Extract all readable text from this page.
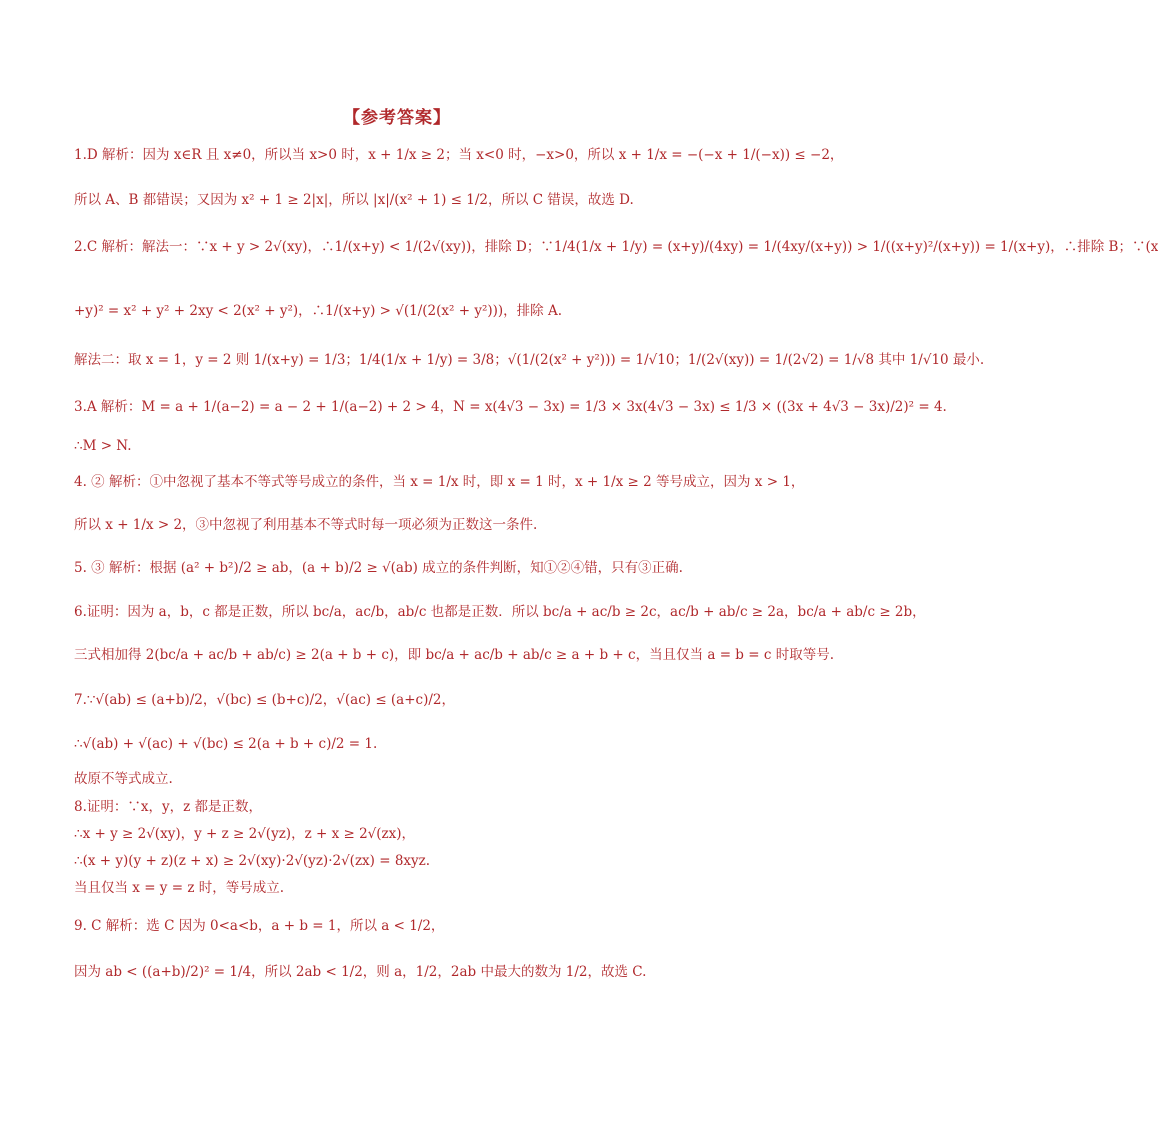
【参考答案】
1.D 解析：因为 x∈R 且 x≠0，所以当 x>0 时，x + 1/x ≥ 2；当 x<0 时，−x>0，所以 x + 1/x = −(−x + 1/(−x)) ≤ −2，
所以 A、B 都错误；又因为 x² + 1 ≥ 2|x|，所以 |x|/(x² + 1) ≤ 1/2，所以 C 错误，故选 D.
2.C 解析：解法一：∵x + y > 2√(xy)，∴1/(x+y) < 1/(2√(xy))，排除 D；∵1/4(1/x + 1/y) = (x+y)/(4xy) = 1/(4xy/(x+y)) > 1/((x+y)²/(x+y)) = 1/(x+y)，∴排除 B；∵(x
+y)² = x² + y² + 2xy < 2(x² + y²)，∴1/(x+y) > √(1/(2(x² + y²)))，排除 A.
解法二：取 x = 1，y = 2 则 1/(x+y) = 1/3；1/4(1/x + 1/y) = 3/8；√(1/(2(x² + y²))) = 1/√10；1/(2√(xy)) = 1/(2√2) = 1/√8 其中 1/√10 最小.
3.A 解析：M = a + 1/(a−2) = a − 2 + 1/(a−2) + 2 > 4，N = x(4√3 − 3x) = 1/3 × 3x(4√3 − 3x) ≤ 1/3 × ((3x + 4√3 − 3x)/2)² = 4.
∴M > N.
4. ② 解析：①中忽视了基本不等式等号成立的条件，当 x = 1/x 时，即 x = 1 时，x + 1/x ≥ 2 等号成立，因为 x > 1，
所以 x + 1/x > 2，③中忽视了利用基本不等式时每一项必须为正数这一条件.
5. ③ 解析：根据 (a² + b²)/2 ≥ ab，(a + b)/2 ≥ √(ab) 成立的条件判断，知①②④错，只有③正确.
6.证明：因为 a，b，c 都是正数，所以 bc/a，ac/b，ab/c 也都是正数．所以 bc/a + ac/b ≥ 2c，ac/b + ab/c ≥ 2a，bc/a + ab/c ≥ 2b，
三式相加得 2(bc/a + ac/b + ab/c) ≥ 2(a + b + c)，即 bc/a + ac/b + ab/c ≥ a + b + c，当且仅当 a = b = c 时取等号.
7.∵√(ab) ≤ (a+b)/2，√(bc) ≤ (b+c)/2，√(ac) ≤ (a+c)/2，
∴√(ab) + √(ac) + √(bc) ≤ 2(a + b + c)/2 = 1.
故原不等式成立.
8.证明：∵x，y，z 都是正数，
∴x + y ≥ 2√(xy)，y + z ≥ 2√(yz)，z + x ≥ 2√(zx)，
∴(x + y)(y + z)(z + x) ≥ 2√(xy)·2√(yz)·2√(zx) = 8xyz.
当且仅当 x = y = z 时，等号成立.
9. C 解析：选 C 因为 0<a<b，a + b = 1，所以 a < 1/2，
因为 ab < ((a+b)/2)² = 1/4，所以 2ab < 1/2，则 a，1/2，2ab 中最大的数为 1/2，故选 C.
